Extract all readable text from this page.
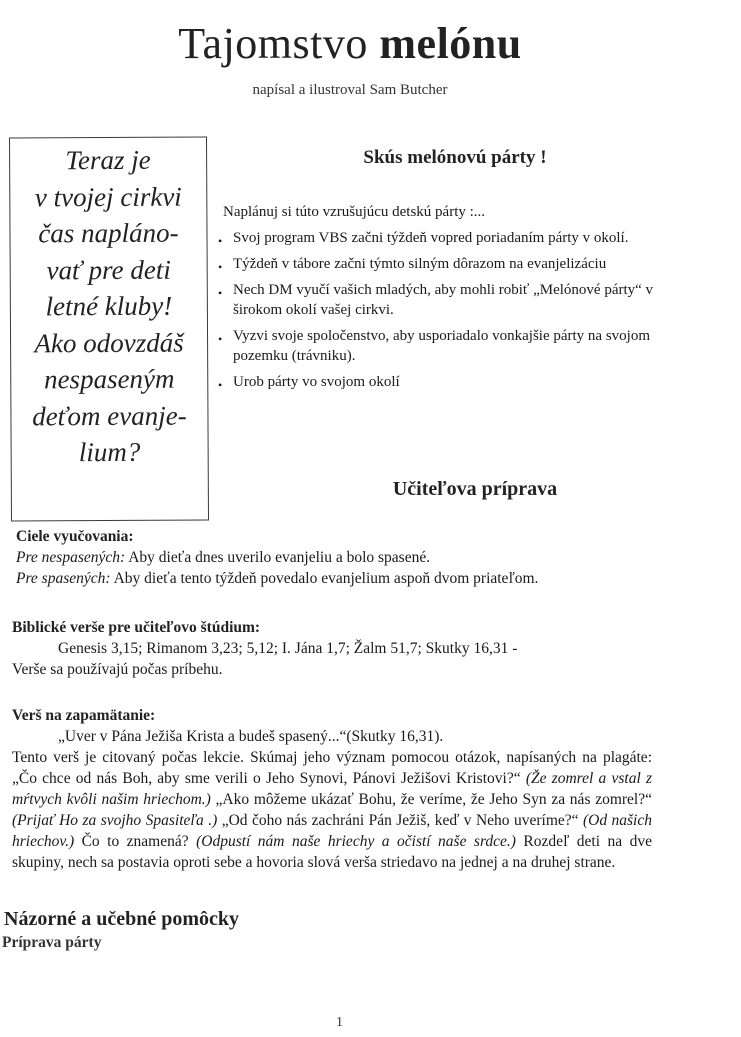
Tajomstvo melónu
napísal a ilustroval Sam Butcher
Teraz je
v tvojej cirkvi
čas naplánо-
vať pre deti
letné kluby!
Ako odovzdáš
nespaseným
deťom evanje-
lium?
Skús melónovú párty !
Naplánuj si túto vzrušujúcu detskú párty :...
• Svoj program VBS začni týždeň vopred poriadaním párty v okolí.
• Týždeň v tábore začni týmto silným dôrazom na evanjelizáciu
• Nech DM vyučí vašich mladých, aby mohli robiť „Melónové párty“ v širokom okolí vašej cirkvi.
• Vyzvi svoje spoločenstvo, aby usporiadalo vonkajšie párty na svojom pozemku (trávniku).
• Urob párty vo svojom okolí
Učiteľova príprava
Ciele vyučovania:
Pre nespasených: Aby dieťa dnes uverilo evanjeliu a bolo spasené.
Pre spasených: Aby dieťa tento týždeň povedalo evanjelium aspoň dvom priateľom.
Biblické verše pre učiteľovo štúdium:
Genesis 3,15; Rimanom 3,23; 5,12; I. Jána 1,7; Žalm 51,7; Skutky 16,31 -
Verše sa používajú počas príbehu.
Verš na zapamätanie:
„Uver v Pána Ježiša Krista a budeš spasený...“(Skutky 16,31).

Tento verš je citovaný počas lekcie. Skúmaj jeho význam pomocou otázok, napísaných na plagáte: „Čo chce od nás Boh, aby sme verili o Jeho Synovi, Pánovi Ježišovi Kristovi?“ (Že zomrel a vstal z mŕtvych kvôli našim hriechom.) „Ako môžeme ukázať Bohu, že veríme, že Jeho Syn za nás zomrel?“ (Prijať Ho za svojho Spasiteľa .) „Od čoho nás zachráni Pán Ježiš, keď v Neho uveríme?“ (Od našich hriechov.) Čo to znamená? (Odpustí nám naše hriechy a očistí naše srdce.) Rozdeľ deti na dve skupiny, nech sa postavia oproti sebe a hovoria slová verša striedavo na jednej a na druhej strane.

Názorné a učebné pomôcky
Príprava párty
1
